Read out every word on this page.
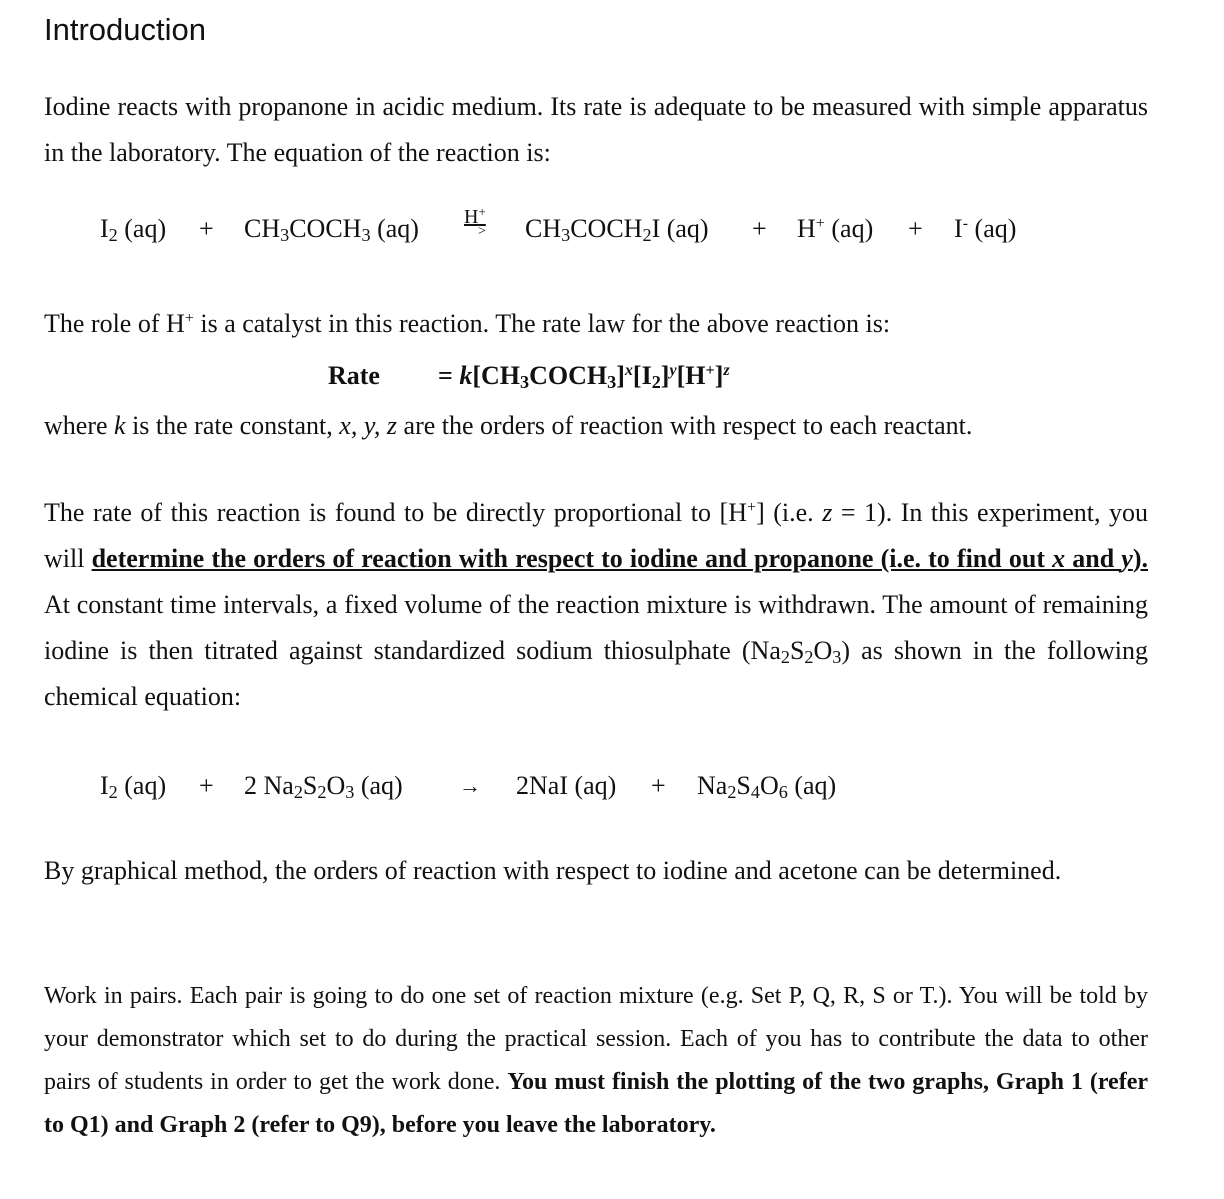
Introduction

Iodine reacts with propanone in acidic medium. Its rate is adequate to be measured with simple apparatus in the laboratory. The equation of the reaction is:

$I_2$ $(aq) + CH_3COCH_3$ (aq) H+
> $CH_3COCH_2I$ (aq) + H+ (aq) + I- (aq)

The role of H+ is a catalyst in this reaction. The rate law for the above reaction is:

Rate = $k[CH_3COCH_3]^x[I_2]^y[H^+]^z$

where k is the rate constant, x, y, z are the orders of reaction with respect to each reactant.

The rate of this reaction is found to be directly proportional to [H+] (i.e. z = 1). In this experiment, you will determine the orders of reaction with respect to iodine and propanone (i.e. to find out x and y). At constant time intervals, a fixed volume of the reaction mixture is withdrawn. The amount of remaining iodine is then titrated against standardized sodium thiosulphate $(Na_2S_2O_3)$ as shown in the following chemical equation:

$I_2$ (aq) + 2 $Na_2S_2O_3$ (aq)	→ 2NaI $(aq) + Na_2S_4O_6$ (aq)

By graphical method, the orders of reaction with respect to iodine and acetone can be determined.

Work in pairs. Each pair is going to do one set of reaction mixture (e.g. Set P, Q, R, S or T.). You will be told by your demonstrator which set to do during the practical session. Each of you has to contribute the data to other pairs of students in order to get the work done. You must finish the plotting of the two graphs, Graph 1 (refer to Q1) and Graph 2 (refer to Q9), before you leave the laboratory.
